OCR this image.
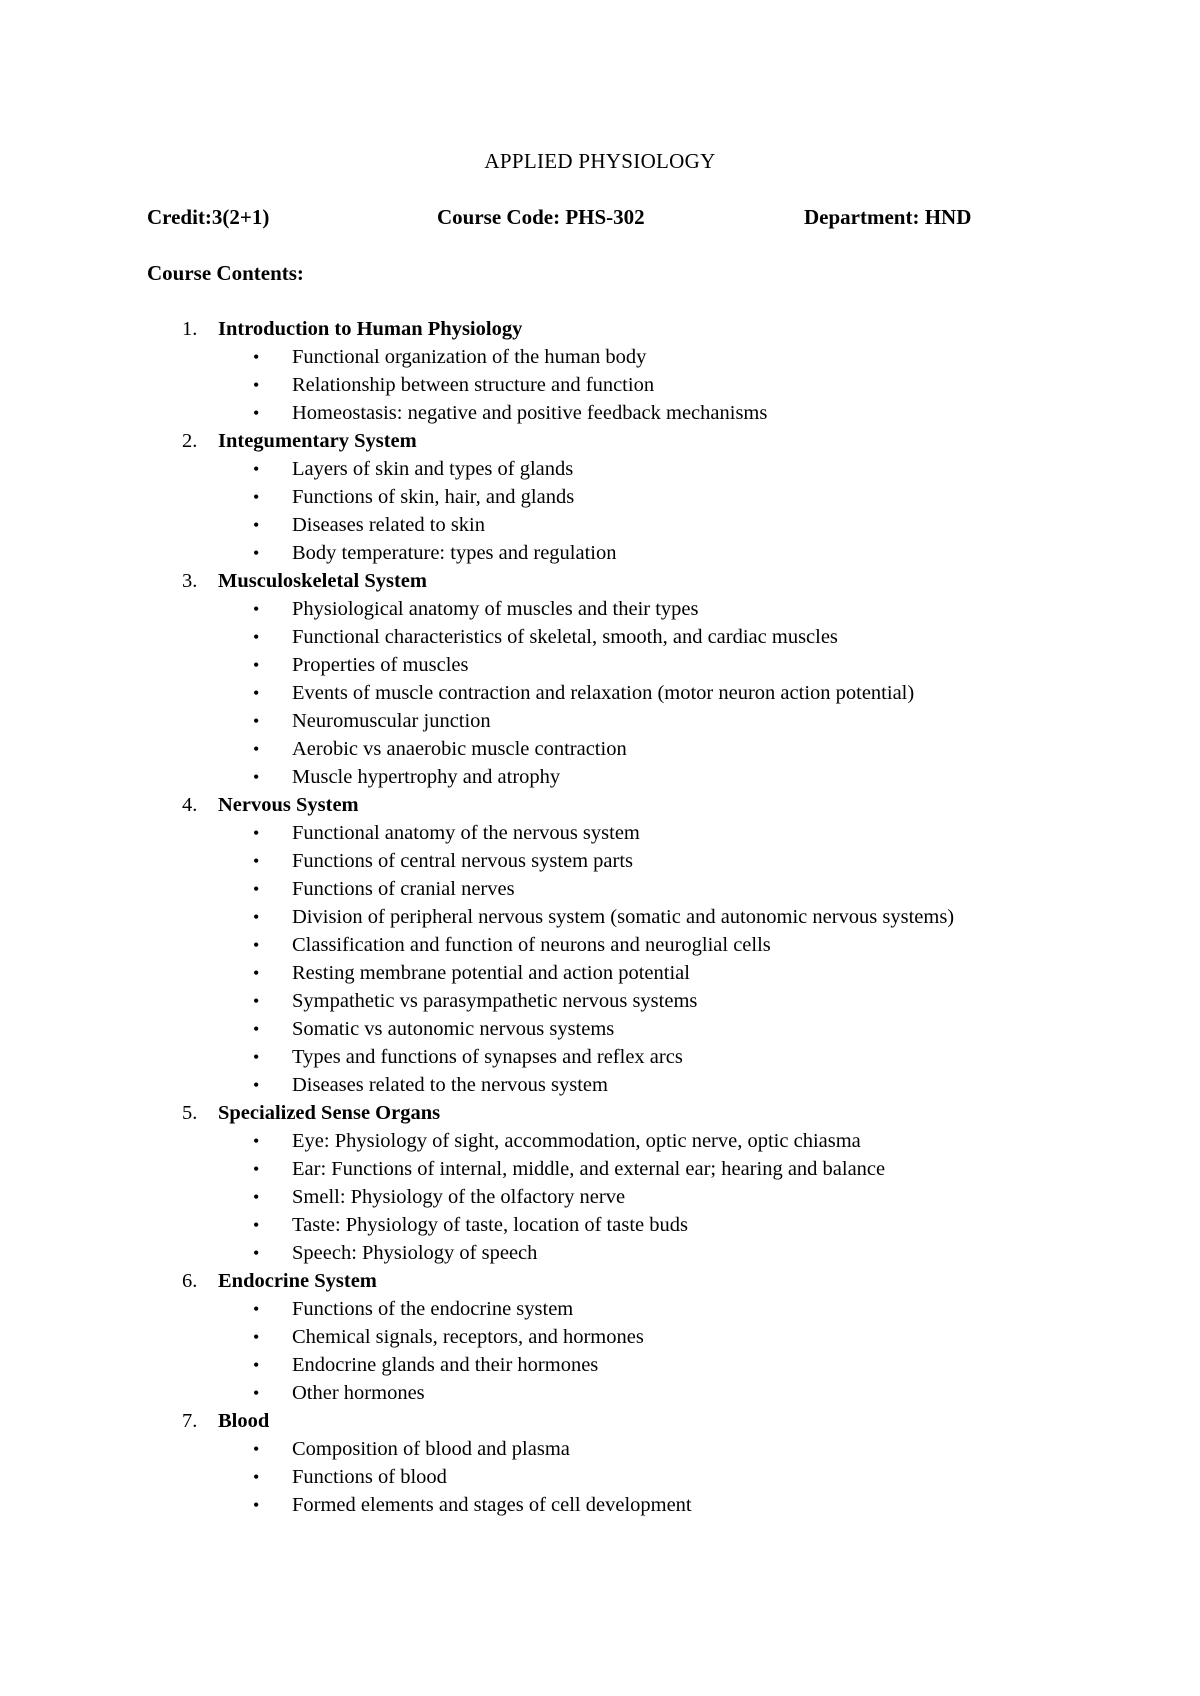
APPLIED PHYSIOLOGY
Credit:3(2+1)	Course Code: PHS-302	Department: HND
Course Contents:
1.	Introduction to Human Physiology
•	Functional organization of the human body
•	Relationship between structure and function
•	Homeostasis: negative and positive feedback mechanisms
2.	Integumentary System
•	Layers of skin and types of glands
•	Functions of skin, hair, and glands
•	Diseases related to skin
•	Body temperature: types and regulation
3.	Musculoskeletal System
•	Physiological anatomy of muscles and their types
•	Functional characteristics of skeletal, smooth, and cardiac muscles
•	Properties of muscles
•	Events of muscle contraction and relaxation (motor neuron action potential)
•	Neuromuscular junction
•	Aerobic vs anaerobic muscle contraction
•	Muscle hypertrophy and atrophy
4.	Nervous System
•	Functional anatomy of the nervous system
•	Functions of central nervous system parts
•	Functions of cranial nerves
•	Division of peripheral nervous system (somatic and autonomic nervous systems)
•	Classification and function of neurons and neuroglial cells
•	Resting membrane potential and action potential
•	Sympathetic vs parasympathetic nervous systems
•	Somatic vs autonomic nervous systems
•	Types and functions of synapses and reflex arcs
•	Diseases related to the nervous system
5.	Specialized Sense Organs
•	Eye: Physiology of sight, accommodation, optic nerve, optic chiasma
•	Ear: Functions of internal, middle, and external ear; hearing and balance
•	Smell: Physiology of the olfactory nerve
•	Taste: Physiology of taste, location of taste buds
•	Speech: Physiology of speech
6.	Endocrine System
•	Functions of the endocrine system
•	Chemical signals, receptors, and hormones
•	Endocrine glands and their hormones
•	Other hormones
7.	Blood
•	Composition of blood and plasma
•	Functions of blood
•	Formed elements and stages of cell development
